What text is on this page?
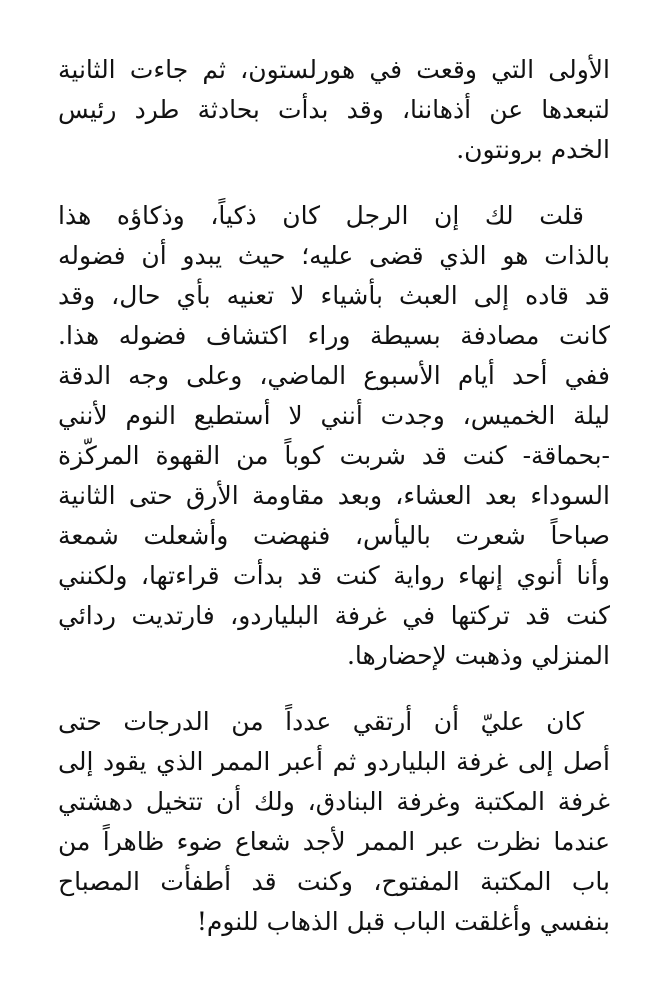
الأولى التي وقعت في هورلستون، ثم جاءت الثانية
لتبعدها عن أذهاننا، وقد بدأت بحادثة طرد رئيس
الخدم برونتون.
قلت لك إن الرجل كان ذكياً، وذكاؤه هذا
بالذات هو الذي قضى عليه؛ حيث يبدو أن فضوله
قد قاده إلى العبث بأشياء لا تعنيه بأي حال، وقد
كانت مصادفة بسيطة وراء اكتشاف فضوله هذا.
ففي أحد أيام الأسبوع الماضي، وعلى وجه الدقة
ليلة الخميس، وجدت أنني لا أستطيع النوم لأنني
-بحماقة- كنت قد شربت كوباً من القهوة المركّزة
السوداء بعد العشاء، وبعد مقاومة الأرق حتى الثانية
صباحاً شعرت باليأس، فنهضت وأشعلت شمعة
وأنا أنوي إنهاء رواية كنت قد بدأت قراءتها، ولكنني
كنت قد تركتها في غرفة البلياردو، فارتديت ردائي
المنزلي وذهبت لإحضارها.
كان عليّ أن أرتقي عدداً من الدرجات حتى
أصل إلى غرفة البلياردو ثم أعبر الممر الذي يقود إلى
غرفة المكتبة وغرفة البنادق، ولك أن تتخيل دهشتي
عندما نظرت عبر الممر لأجد شعاع ضوء ظاهراً من
باب المكتبة المفتوح، وكنت قد أطفأت المصباح
بنفسي وأغلقت الباب قبل الذهاب للنوم!
